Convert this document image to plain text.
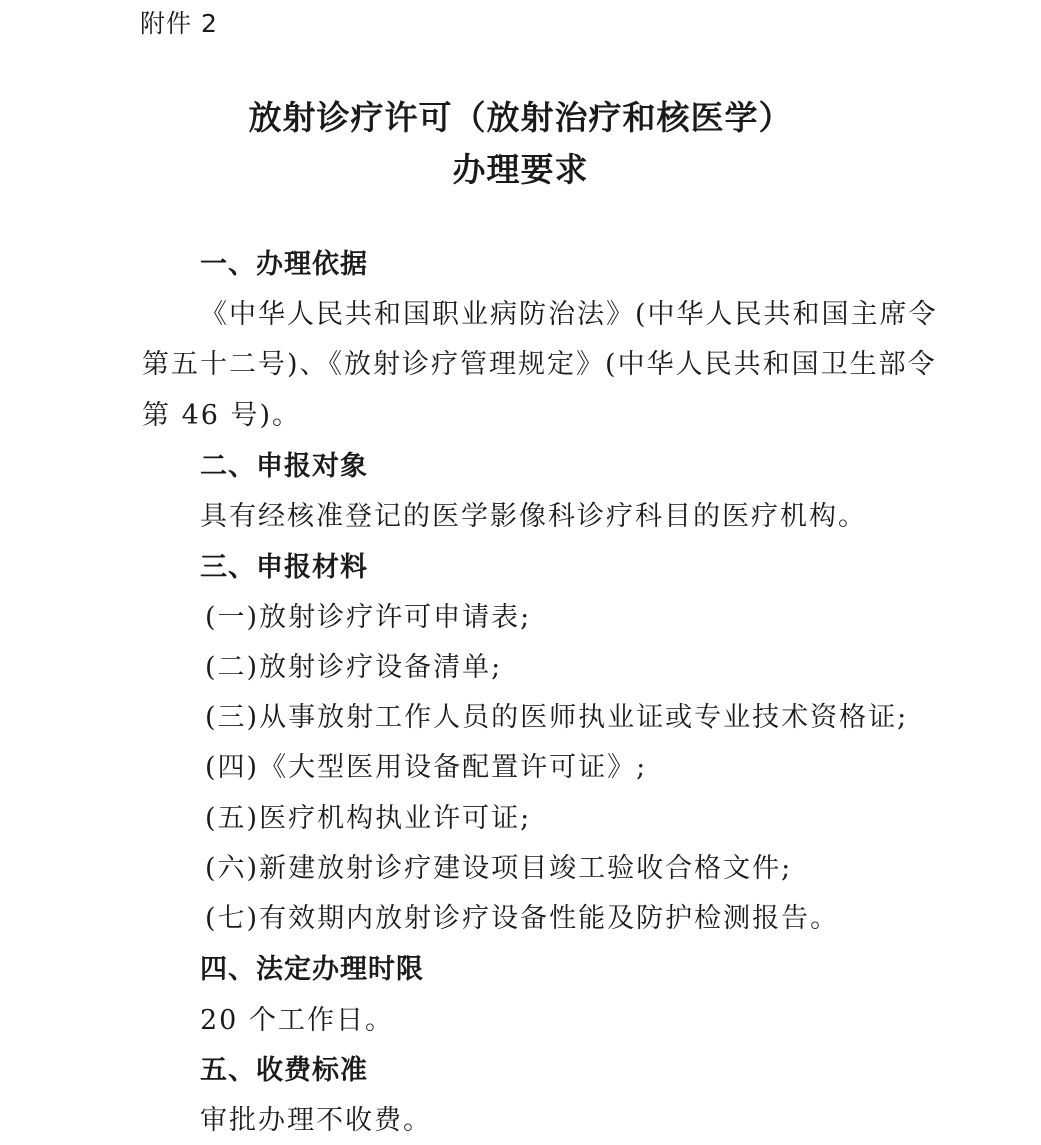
附件 2
放射诊疗许可（放射治疗和核医学）
办理要求
一、办理依据
《中华人民共和国职业病防治法》(中华人民共和国主席令
第五十二号)、《放射诊疗管理规定》(中华人民共和国卫生部令
第 46 号)。
二、申报对象
具有经核准登记的医学影像科诊疗科目的医疗机构。
三、申报材料
(一)放射诊疗许可申请表;
(二)放射诊疗设备清单;
(三)从事放射工作人员的医师执业证或专业技术资格证;
(四)《大型医用设备配置许可证》;
(五)医疗机构执业许可证;
(六)新建放射诊疗建设项目竣工验收合格文件;
(七)有效期内放射诊疗设备性能及防护检测报告。
四、法定办理时限
20 个工作日。
五、收费标准
审批办理不收费。
